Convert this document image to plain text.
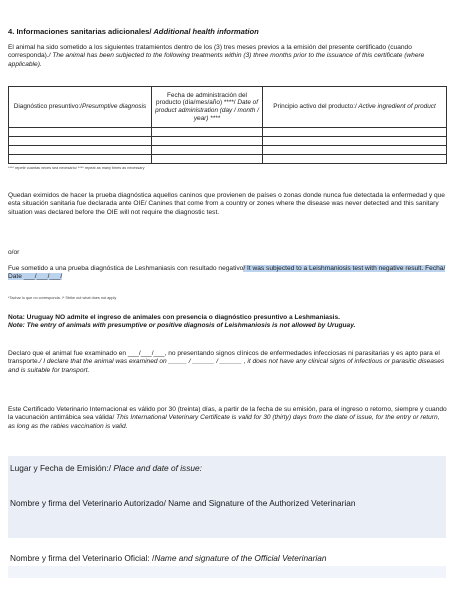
4. Informaciones sanitarias adicionales/ Additional health information
El animal ha sido sometido a los siguientes tratamientos dentro de los (3) tres meses previos a la emisión del presente certificado (cuando corresponda)./ The animal has been subjected to the following treatments within (3) three months prior to the issuance of this certificate (where applicable).
Diagnóstico presuntivo:/Presumptive diagnosis	Fecha de administración del producto (día/mes/año) ****/ Date of product administration (day / month / year) ****	Principio activo del producto:/ Active ingredient of product

**** repetir cuantas veces sea necesario/ **** repeat as many times as necessary
Quedan eximidos de hacer la prueba diagnóstica aquellos caninos que provienen de países o zonas donde nunca fue detectada la enfermedad y que esta situación sanitaria fue declarada ante OIE/ Canines that come from a country or zones where the disease was never detected and this sanitary situation was declared before the OIE will not require the diagnostic test.
o/or
Fue sometido a una prueba diagnóstica de Leshmaniasis con resultado negativo/ It was subjected to a Leishmaniosis test with negative result. Fecha/ Date ___/___/___/
*Tachar lo que no corresponda. /* Strike out what does not apply
Nota: Uruguay NO admite el ingreso de animales con presencia o diagnóstico presuntivo a Leshmaniasis.
Note: The entry of animals with presumptive or positive diagnosis of Leishmaniosis is not allowed by Uruguay.
Declaro que el animal fue examinado en ___/___/___, no presentando signos clínicos de enfermedades infecciosas ni parasitarias y es apto para el transporte./ I declare that the animal was examined on _____ / ______ / ______ , it does not have any clinical signs of infectious or parasitic diseases and is suitable for transport.
Este Certificado Veterinario Internacional es válido por 30 (treinta) días, a partir de la fecha de su emisión, para el ingreso o retorno, siempre y cuando la vacunación antirrábica sea válida/ This International Veterinary Certificate is valid for 30 (thirty) days from the date of issue, for the entry or return, as long as the rabies vaccination is valid.
Lugar y Fecha de Emisión:/ Place and date of issue:
Nombre y firma del Veterinario Autorizado/ Name and Signature of the Authorized Veterinarian
Nombre y firma del Veterinario Oficial: /Name and signature of the Official Veterinarian
